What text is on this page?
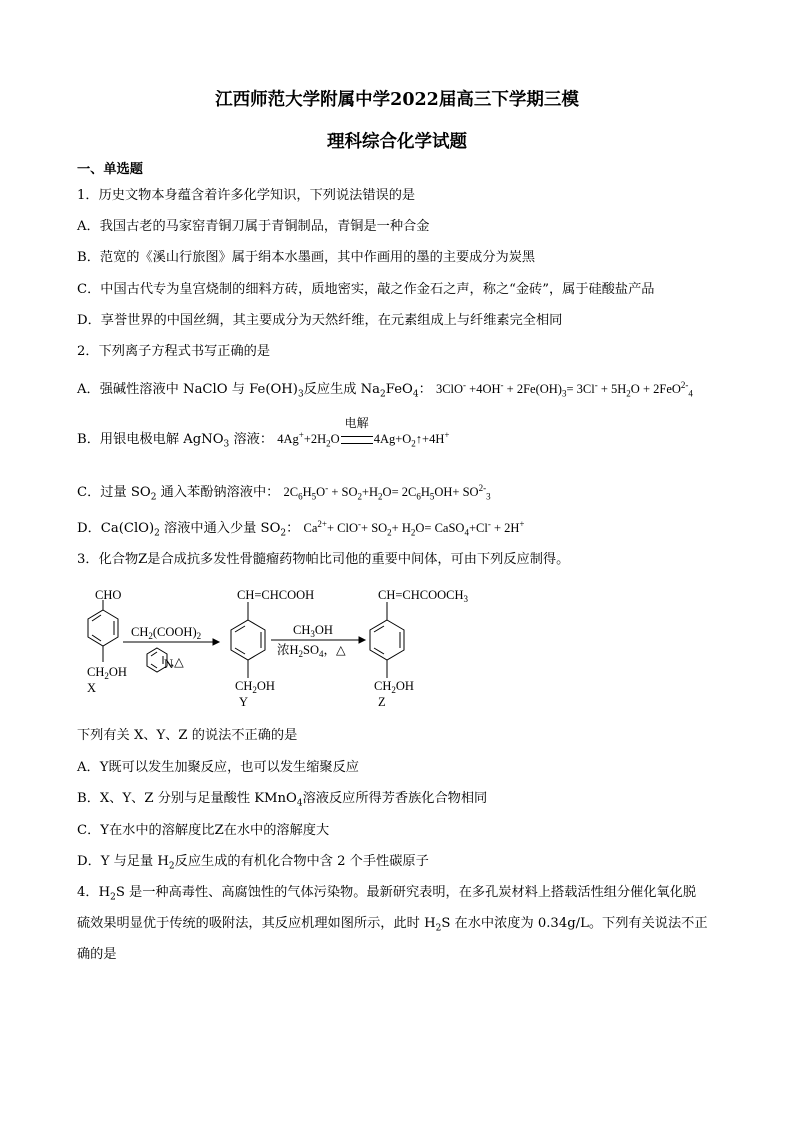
江西师范大学附属中学2022届高三下学期三模
理科综合化学试题
一、单选题
1．历史文物本身蕴含着许多化学知识，下列说法错误的是
A．我国古老的马家窑青铜刀属于青铜制品，青铜是一种合金
B．范宽的《溪山行旅图》属于绢本水墨画，其中作画用的墨的主要成分为炭黑
C．中国古代专为皇宫烧制的细料方砖，质地密实，敲之作金石之声，称之“金砖”，属于硅酸盐产品
D．享誉世界的中国丝绸，其主要成分为天然纤维，在元素组成上与纤维素完全相同
2．下列离子方程式书写正确的是
A．强碱性溶液中 NaClO 与 $Fe(OH)_3$反应生成 $Na_2FeO_4$： $3ClO^- +4OH^- + 2Fe(OH)_3= 3Cl^- + 5H_2O + 2FeO^{2-}_4$
B．用银电极电解 AgNO$_3$ 溶液： $4Ag^++2H_2O$
电解
$4Ag+O_2↑+4H^+$
C．过量 $SO_2$ 通入苯酚钠溶液中： $2C_6H_5O^- + SO_2+H_2O= 2C_6H_5OH+ SO^{2-}_3$
D．$Ca(ClO)_2$ 溶液中通入少量 $SO_2$： $Ca^{2+}+ ClO^-+ SO_2+ H_2O=$ CaSO$_4$+Cl- + 2H+
3．化合物Z是合成抗多发性骨髓瘤药物帕比司他的重要中间体，可由下列反应制得。
CHO
$CH_2OH$
X
$CH_2(COOH)_2$
N
,△
CH=CHCOOH
$CH_2OH$
Y
$CH_3OH$
浓$H_2SO_4$，△
$CH=CHCOOCH_3$
$CH_2OH$
Z
下列有关 X、Y、Z 的说法不正确的是
A．Y既可以发生加聚反应，也可以发生缩聚反应
B．X、Y、Z 分别与足量酸性 KMnO$_4$溶液反应所得芳香族化合物相同
C．Y在水中的溶解度比Z在水中的溶解度大
D．Y 与足量 $H_2$反应生成的有机化合物中含 2 个手性碳原子
4．$H_2S$ 是一种高毒性、高腐蚀性的气体污染物。最新研究表明，在多孔炭材料上搭载活性组分催化氧化脱
硫效果明显优于传统的吸附法，其反应机理如图所示，此时 $H_2S$ 在水中浓度为 0.34g/L。下列有关说法不正
确的是
